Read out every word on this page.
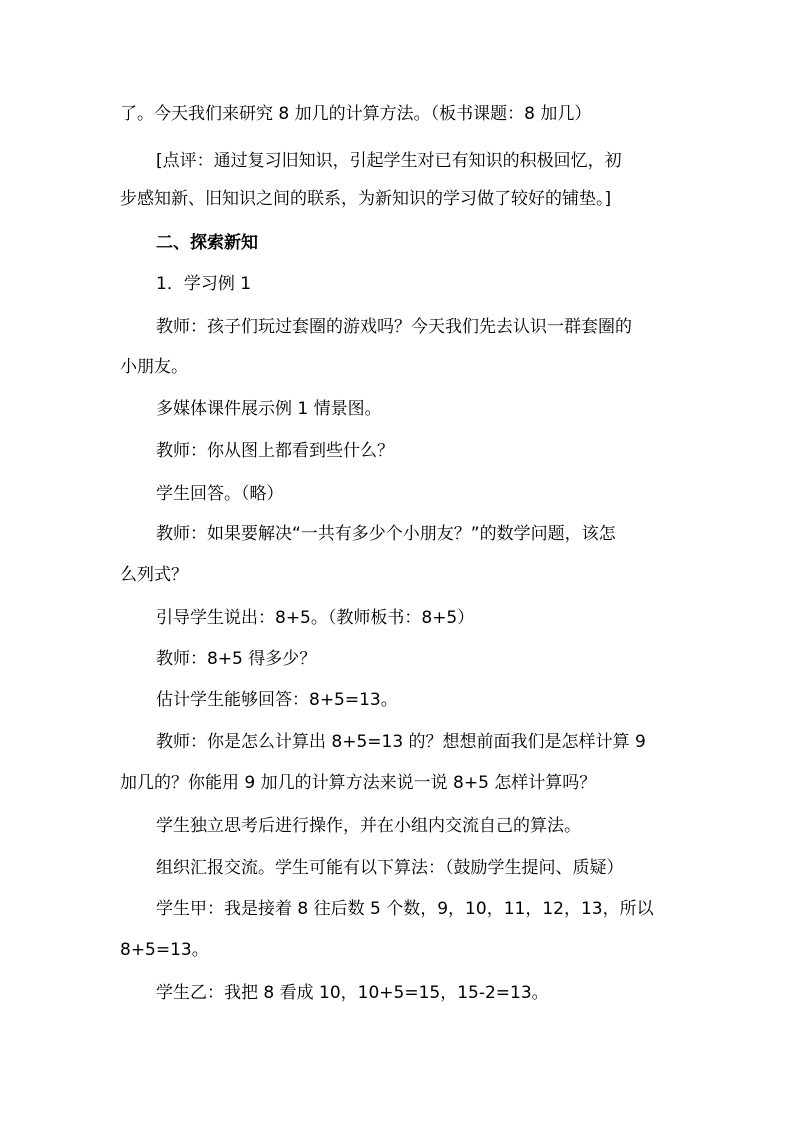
了。今天我们来研究 8 加几的计算方法。（板书课题：8 加几）

[点评：通过复习旧知识，引起学生对已有知识的积极回忆，初

步感知新、旧知识之间的联系，为新知识的学习做了较好的铺垫。]

二、探索新知

1．学习例 1

教师：孩子们玩过套圈的游戏吗？今天我们先去认识一群套圈的

小朋友。

多媒体课件展示例 1 情景图。

教师：你从图上都看到些什么？

学生回答。（略）

教师：如果要解决“一共有多少个小朋友？”的数学问题，该怎

么列式？

引导学生说出：8+5。（教师板书：8+5）

教师：8+5 得多少？

估计学生能够回答：8+5=13。

教师：你是怎么计算出 8+5=13 的？想想前面我们是怎样计算 9

加几的？你能用 9 加几的计算方法来说一说 8+5 怎样计算吗？

学生独立思考后进行操作，并在小组内交流自己的算法。

组织汇报交流。学生可能有以下算法：（鼓励学生提问、质疑）

学生甲：我是接着 8 往后数 5 个数，9，10，11，12，13，所以

8+5=13。

学生乙：我把 8 看成 10，10+5=15，15-2=13。
